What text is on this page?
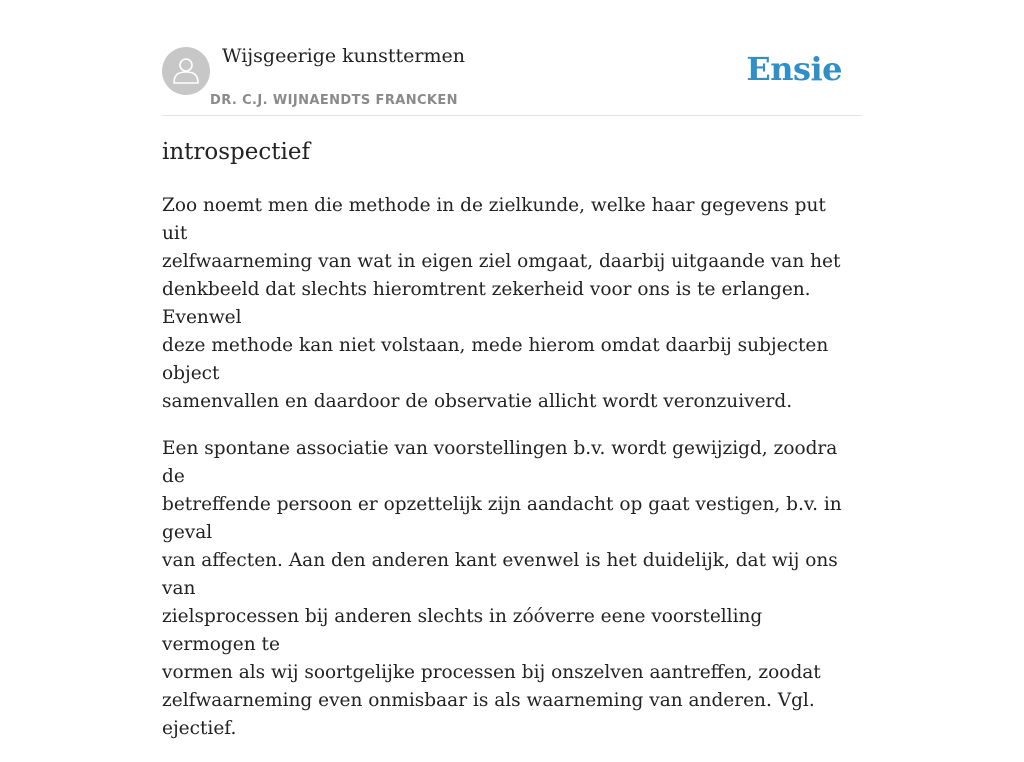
Wijsgeerige kunsttermen
DR. C.J. WIJNAENDTS FRANCKEN
Ensie
introspectief

Zoo noemt men die methode in de zielkunde, welke haar gegevens put uit
zelfwaarneming van wat in eigen ziel omgaat, daarbij uitgaande van het
denkbeeld dat slechts hieromtrent zekerheid voor ons is te erlangen. Evenwel
deze methode kan niet volstaan, mede hierom omdat daarbij subjecten object
samenvallen en daardoor de observatie allicht wordt veronzuiverd.

Een spontane associatie van voorstellingen b.v. wordt gewijzigd, zoodra de
betreffende persoon er opzettelijk zijn aandacht op gaat vestigen, b.v. in geval
van affecten. Aan den anderen kant evenwel is het duidelijk, dat wij ons van
zielsprocessen bij anderen slechts in zóóverre eene voorstelling vermogen te
vormen als wij soortgelijke processen bij onszelven aantreffen, zoodat
zelfwaarneming even onmisbaar is als waarneming van anderen. Vgl. ejectief.
